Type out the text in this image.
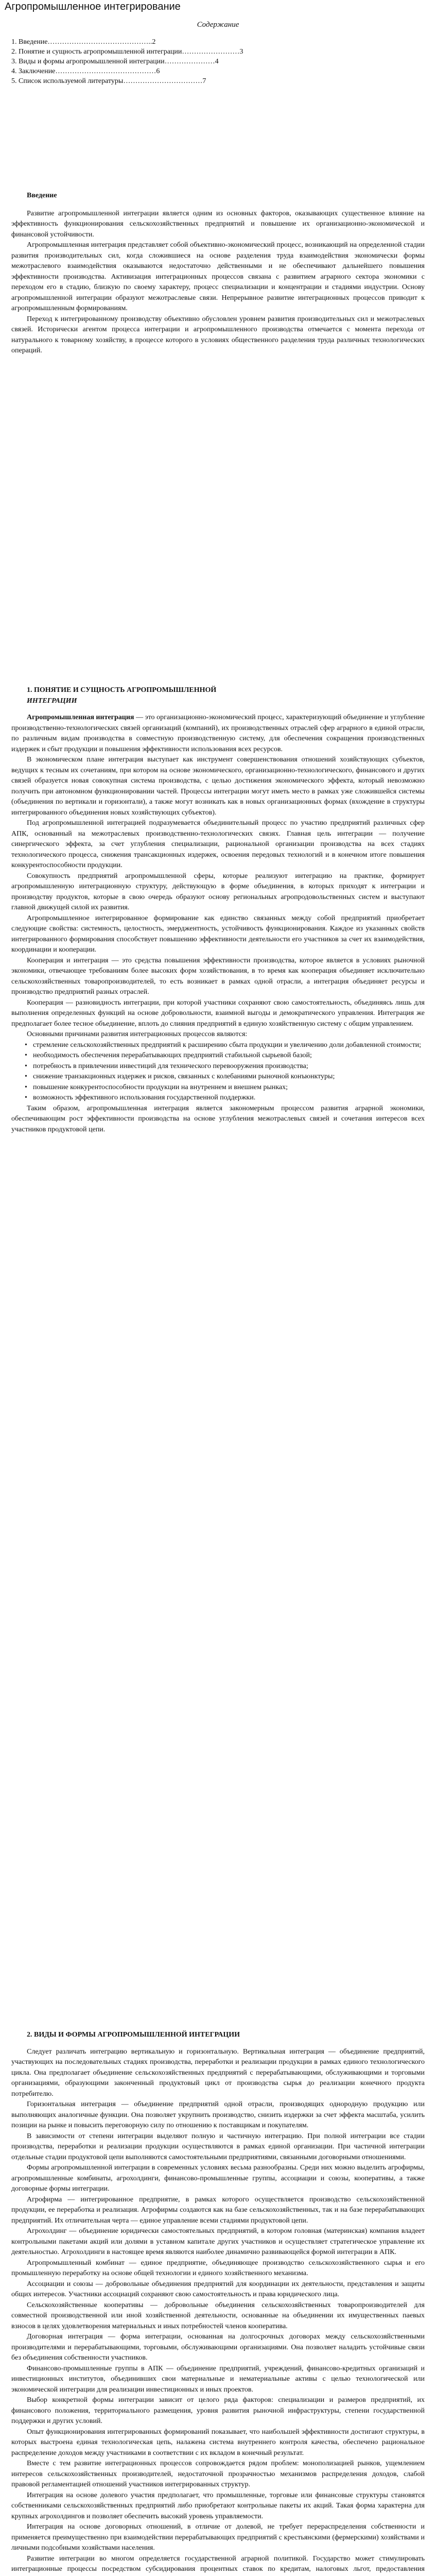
Агропромышленное интегрирование
Содержание
1. Введение……………………………………..2
2. Понятие и сущность агропромышленной интеграции……………………3
3. Виды и формы агропромышленной интеграции…………………4
4. Заключение……………………………………6
5. Список используемой литературы……………………………7

Введение

Развитие агропромышленной интеграции является одним из основных факторов, оказывающих существенное влияние на эффективность функционирования сельскохозяйственных предприятий и повышение их организационно-экономической и финансовой устойчивости.

Агропромышленная интеграция представляет собой объективно-экономический процесс, возникающий на определенной стадии развития производительных сил, когда сложившиеся на основе разделения труда взаимодействия экономически формы межотраслевого взаимодействия оказываются недостаточно действенными и не обеспечивают дальнейшего повышения эффективности производства. Активизация интеграционных процессов связана с развитием аграрного сектора экономики с переходом его в стадию, близкую по своему характеру, процесс специализации и концентрации и стадиями индустрии. Основу агропромышленной интеграции образуют межотраслевые связи. Непрерывное развитие интеграционных процессов приводит к агропромышленным формированиям.

Переход к интегрированному производству объективно обусловлен уровнем развития производительных сил и межотраслевых связей. Исторически агентом процесса интеграции и агропромышленного производства отмечается с момента перехода от натурального к товарному хозяйству, в процессе которого в условиях общественного разделения труда различных технологических операций.

1. ПОНЯТИЕ И СУЩНОСТЬ АГРОПРОМЫШЛЕННОЙ

ИНТЕГРАЦИИ

Агропромышленная интеграция — это организационно-экономический процесс, характеризующий объединение и углубление производственно-технологических связей организаций (компаний), их производственных отраслей сфер аграрного в единой отрасли, по различным видам производства в совместную производственную систему, для обеспечения сокращения производственных издержек и сбыт продукции и повышения эффективности использования всех ресурсов.

В экономическом плане интеграция выступает как инструмент совершенствования отношений хозяйствующих субъектов, ведущих к тесным их сочетаниям, при котором на основе экономического, организационно-технологического, финансового и других связей образуется новая совокупная система производства, с целью достижения экономического эффекта, который невозможно получить при автономном функционировании частей. Процессы интеграции могут иметь место в рамках уже сложившейся системы (объединения по вертикали и горизонтали), а также могут возникать как в новых организационных формах (вхождение в структуры интегрированного объединения новых хозяйствующих субъектов).

Под агропромышленной интеграцией подразумевается объединительный процесс по участию предприятий различных сфер АПК, основанный на межотраслевых производственно-технологических связях. Главная цель интеграции — получение синергического эффекта, за счет углубления специализации, рациональной организации производства на всех стадиях технологического процесса, снижения трансакционных издержек, освоения передовых технологий и в конечном итоге повышения конкурентоспособности продукции.

Совокупность предприятий агропромышленной сферы, которые реализуют интеграцию на практике, формирует агропромышленную интеграционную структуру, действующую в форме объединения, в которых приходят к интеграции и производству продуктов, которые в свою очередь образуют основу региональных агропродовольственных систем и выступают главной движущей силой их развития.

Агропромышленное интегрированное формирование как единство связанных между собой предприятий приобретает следующие свойства: системность, целостность, эмерджентность, устойчивость функционирования. Каждое из указанных свойств интегрированного формирования способствует повышению эффективности деятельности его участников за счет их взаимодействия, координации и кооперации.

Кооперация и интеграция — это средства повышения эффективности производства, которое является в условиях рыночной экономики, отвечающее требованиям более высоких форм хозяйствования, в то время как кооперация объединяет исключительно сельскохозяйственных товаропроизводителей, то есть возникает в рамках одной отрасли, а интеграция объединяет ресурсы и производство предприятий разных отраслей.

Кооперация — разновидность интеграции, при которой участники сохраняют свою самостоятельность, объединяясь лишь для выполнения определенных функций на основе добровольности, взаимной выгоды и демократического управления. Интеграция же предполагает более тесное объединение, вплоть до слияния предприятий в единую хозяйственную систему с общим управлением.

Основными причинами развития интеграционных процессов являются:

• стремление сельскохозяйственных предприятий к расширению сбыта продукции и увеличению доли добавленной стоимости;
• необходимость обеспечения перерабатывающих предприятий стабильной сырьевой базой;
• потребность в привлечении инвестиций для технического перевооружения производства;
• снижение транзакционных издержек и рисков, связанных с колебаниями рыночной конъюнктуры;
• повышение конкурентоспособности продукции на внутреннем и внешнем рынках;
• возможность эффективного использования государственной поддержки.

Таким образом, агропромышленная интеграция является закономерным процессом развития аграрной экономики, обеспечивающим рост эффективности производства на основе углубления межотраслевых связей и сочетания интересов всех участников продуктовой цепи.

2. ВИДЫ И ФОРМЫ АГРОПРОМЫШЛЕННОЙ ИНТЕГРАЦИИ

Следует различать интеграцию вертикальную и горизонтальную. Вертикальная интеграция — объединение предприятий, участвующих на последовательных стадиях производства, переработки и реализации продукции в рамках единого технологического цикла. Она предполагает объединение сельскохозяйственных предприятий с перерабатывающими, обслуживающими и торговыми организациями, образующими законченный продуктовый цикл от производства сырья до реализации конечного продукта потребителю.

Горизонтальная интеграция — объединение предприятий одной отрасли, производящих однородную продукцию или выполняющих аналогичные функции. Она позволяет укрупнить производство, снизить издержки за счет эффекта масштаба, усилить позиции на рынке и повысить переговорную силу по отношению к поставщикам и покупателям.

В зависимости от степени интеграции выделяют полную и частичную интеграцию. При полной интеграции все стадии производства, переработки и реализации продукции осуществляются в рамках единой организации. При частичной интеграции отдельные стадии продуктовой цепи выполняются самостоятельными предприятиями, связанными договорными отношениями.

Формы агропромышленной интеграции в современных условиях весьма разнообразны. Среди них можно выделить агрофирмы, агропромышленные комбинаты, агрохолдинги, финансово-промышленные группы, ассоциации и союзы, кооперативы, а также договорные формы интеграции.

Агрофирма — интегрированное предприятие, в рамках которого осуществляется производство сельскохозяйственной продукции, ее переработка и реализация. Агрофирмы создаются как на базе сельскохозяйственных, так и на базе перерабатывающих предприятий. Их отличительная черта — единое управление всеми стадиями продуктовой цепи.

Агрохолдинг — объединение юридически самостоятельных предприятий, в котором головная (материнская) компания владеет контрольными пакетами акций или долями в уставном капитале других участников и осуществляет стратегическое управление их деятельностью. Агрохолдинги в настоящее время являются наиболее динамично развивающейся формой интеграции в АПК.

Агропромышленный комбинат — единое предприятие, объединяющее производство сельскохозяйственного сырья и его промышленную переработку на основе общей технологии и единого хозяйственного механизма.

Ассоциации и союзы — добровольные объединения предприятий для координации их деятельности, представления и защиты общих интересов. Участники ассоциаций сохраняют свою самостоятельность и права юридического лица.

Сельскохозяйственные кооперативы — добровольные объединения сельскохозяйственных товаропроизводителей для совместной производственной или иной хозяйственной деятельности, основанные на объединении их имущественных паевых взносов в целях удовлетворения материальных и иных потребностей членов кооператива.

Договорная интеграция — форма интеграции, основанная на долгосрочных договорах между сельскохозяйственными производителями и перерабатывающими, торговыми, обслуживающими организациями. Она позволяет наладить устойчивые связи без объединения собственности участников.

Финансово-промышленные группы в АПК — объединение предприятий, учреждений, финансово-кредитных организаций и инвестиционных институтов, объединивших свои материальные и нематериальные активы с целью технологической или экономической интеграции для реализации инвестиционных и иных проектов.

Выбор конкретной формы интеграции зависит от целого ряда факторов: специализации и размеров предприятий, их финансового положения, территориального размещения, уровня развития рыночной инфраструктуры, степени государственной поддержки и других условий.

Опыт функционирования интегрированных формирований показывает, что наибольшей эффективности достигают структуры, в которых выстроена единая технологическая цепь, налажена система внутреннего контроля качества, обеспечено рациональное распределение доходов между участниками в соответствии с их вкладом в конечный результат.

Вместе с тем развитие интеграционных процессов сопровождается рядом проблем: монополизацией рынков, ущемлением интересов сельскохозяйственных производителей, недостаточной прозрачностью механизмов распределения доходов, слабой правовой регламентацией отношений участников интегрированных структур.

Интеграция на основе долевого участия предполагает, что промышленные, торговые или финансовые структуры становятся собственниками сельскохозяйственных предприятий либо приобретают контрольные пакеты их акций. Такая форма характерна для крупных агрохолдингов и позволяет обеспечить высокий уровень управляемости.

Интеграция на основе договорных отношений, в отличие от долевой, не требует перераспределения собственности и применяется преимущественно при взаимодействии перерабатывающих предприятий с крестьянскими (фермерскими) хозяйствами и личными подсобными хозяйствами населения.

Развитие интеграции во многом определяется государственной аграрной политикой. Государство может стимулировать интеграционные процессы посредством субсидирования процентных ставок по кредитам, налоговых льгот, предоставления
